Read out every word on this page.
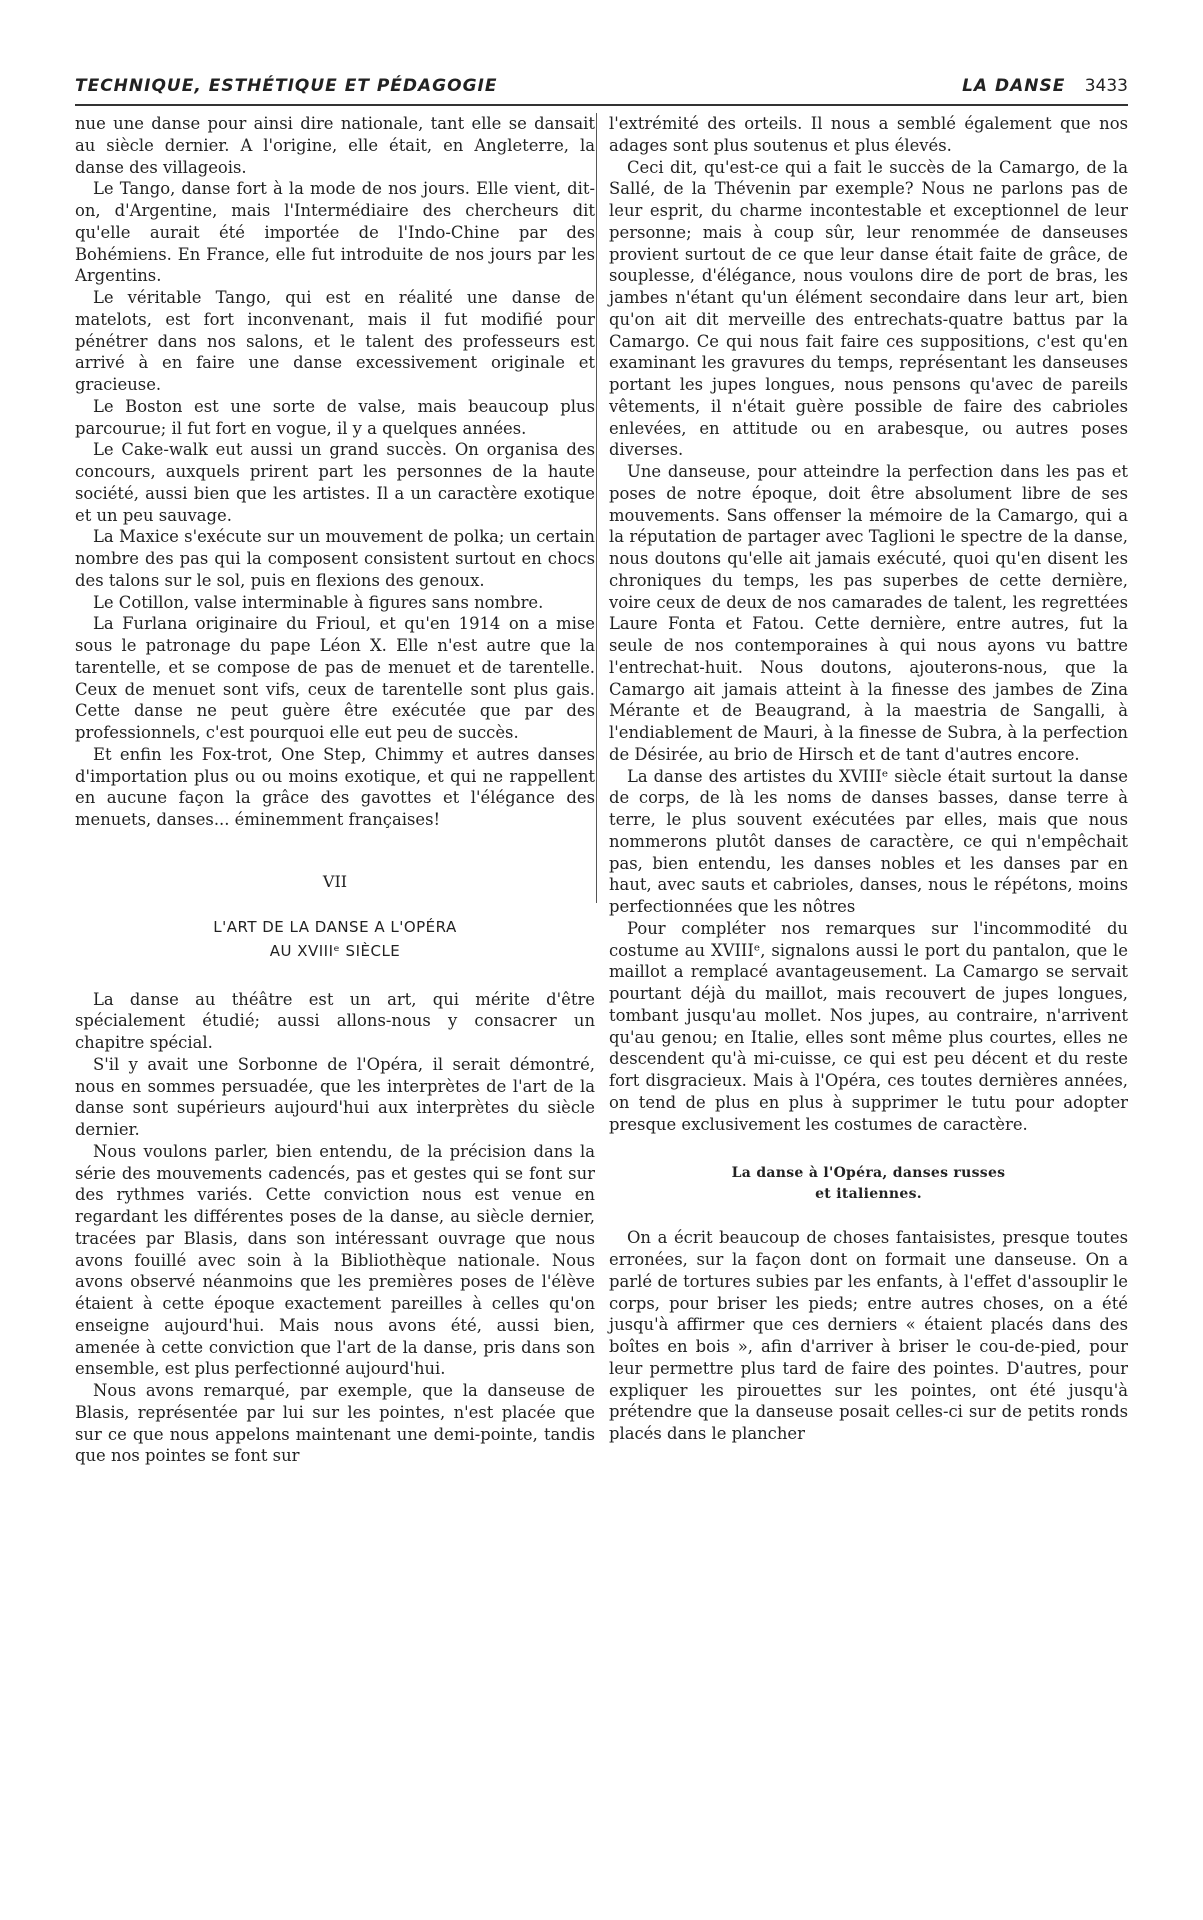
TECHNIQUE, ESTHÉTIQUE ET PÉDAGOGIE	LA DANSE 3433

nue une danse pour ainsi dire nationale, tant elle se dansait au siècle dernier. A l'origine, elle était, en Angleterre, la danse des villageois.

Le Tango, danse fort à la mode de nos jours. Elle vient, dit-on, d'Argentine, mais l'Intermédiaire des chercheurs dit qu'elle aurait été importée de l'Indo-Chine par des Bohémiens. En France, elle fut introduite de nos jours par les Argentins.

Le véritable Tango, qui est en réalité une danse de matelots, est fort inconvenant, mais il fut modifié pour pénétrer dans nos salons, et le talent des professeurs est arrivé à en faire une danse excessivement originale et gracieuse.

Le Boston est une sorte de valse, mais beaucoup plus parcourue; il fut fort en vogue, il y a quelques années.

Le Cake-walk eut aussi un grand succès. On organisa des concours, auxquels prirent part les personnes de la haute société, aussi bien que les artistes. Il a un caractère exotique et un peu sauvage.

La Maxice s'exécute sur un mouvement de polka; un certain nombre des pas qui la composent consistent surtout en chocs des talons sur le sol, puis en flexions des genoux.

Le Cotillon, valse interminable à figures sans nombre.

La Furlana originaire du Frioul, et qu'en 1914 on a mise sous le patronage du pape Léon X. Elle n'est autre que la tarentelle, et se compose de pas de menuet et de tarentelle. Ceux de menuet sont vifs, ceux de tarentelle sont plus gais. Cette danse ne peut guère être exécutée que par des professionnels, c'est pourquoi elle eut peu de succès.

Et enfin les Fox-trot, One Step, Chimmy et autres danses d'importation plus ou ou moins exotique, et qui ne rappellent en aucune façon la grâce des gavottes et l'élégance des menuets, danses... éminemment françaises!

VII
L'ART DE LA DANSE A L'OPÉRA
AU XVIIIᵉ SIÈCLE

La danse au théâtre est un art, qui mérite d'être spécialement étudié; aussi allons-nous y consacrer un chapitre spécial.

S'il y avait une Sorbonne de l'Opéra, il serait démontré, nous en sommes persuadée, que les interprètes de l'art de la danse sont supérieurs aujourd'hui aux interprètes du siècle dernier.

Nous voulons parler, bien entendu, de la précision dans la série des mouvements cadencés, pas et gestes qui se font sur des rythmes variés. Cette conviction nous est venue en regardant les différentes poses de la danse, au siècle dernier, tracées par Blasis, dans son intéressant ouvrage que nous avons fouillé avec soin à la Bibliothèque nationale. Nous avons observé néanmoins que les premières poses de l'élève étaient à cette époque exactement pareilles à celles qu'on enseigne aujourd'hui. Mais nous avons été, aussi bien, amenée à cette conviction que l'art de la danse, pris dans son ensemble, est plus perfectionné aujourd'hui.

Nous avons remarqué, par exemple, que la danseuse de Blasis, représentée par lui sur les pointes, n'est placée que sur ce que nous appelons maintenant une demi-pointe, tandis que nos pointes se font sur

l'extrémité des orteils. Il nous a semblé également que nos adages sont plus soutenus et plus élevés.

Ceci dit, qu'est-ce qui a fait le succès de la Camargo, de la Sallé, de la Thévenin par exemple? Nous ne parlons pas de leur esprit, du charme incontestable et exceptionnel de leur personne; mais à coup sûr, leur renommée de danseuses provient surtout de ce que leur danse était faite de grâce, de souplesse, d'élégance, nous voulons dire de port de bras, les jambes n'étant qu'un élément secondaire dans leur art, bien qu'on ait dit merveille des entrechats-quatre battus par la Camargo. Ce qui nous fait faire ces suppositions, c'est qu'en examinant les gravures du temps, représentant les danseuses portant les jupes longues, nous pensons qu'avec de pareils vêtements, il n'était guère possible de faire des cabrioles enlevées, en attitude ou en arabesque, ou autres poses diverses.

Une danseuse, pour atteindre la perfection dans les pas et poses de notre époque, doit être absolument libre de ses mouvements. Sans offenser la mémoire de la Camargo, qui a la réputation de partager avec Taglioni le spectre de la danse, nous doutons qu'elle ait jamais exécuté, quoi qu'en disent les chroniques du temps, les pas superbes de cette dernière, voire ceux de deux de nos camarades de talent, les regrettées Laure Fonta et Fatou. Cette dernière, entre autres, fut la seule de nos contemporaines à qui nous ayons vu battre l'entrechat-huit. Nous doutons, ajouterons-nous, que la Camargo ait jamais atteint à la finesse des jambes de Zina Mérante et de Beaugrand, à la maestria de Sangalli, à l'endiablement de Mauri, à la finesse de Subra, à la perfection de Désirée, au brio de Hirsch et de tant d'autres encore.

La danse des artistes du XVIIIᵉ siècle était surtout la danse de corps, de là les noms de danses basses, danse terre à terre, le plus souvent exécutées par elles, mais que nous nommerons plutôt danses de caractère, ce qui n'empêchait pas, bien entendu, les danses nobles et les danses par en haut, avec sauts et cabrioles, danses, nous le répétons, moins perfectionnées que les nôtres

Pour compléter nos remarques sur l'incommodité du costume au XVIIIᵉ, signalons aussi le port du pantalon, que le maillot a remplacé avantageusement. La Camargo se servait pourtant déjà du maillot, mais recouvert de jupes longues, tombant jusqu'au mollet. Nos jupes, au contraire, n'arrivent qu'au genou; en Italie, elles sont même plus courtes, elles ne descendent qu'à mi-cuisse, ce qui est peu décent et du reste fort disgracieux. Mais à l'Opéra, ces toutes dernières années, on tend de plus en plus à supprimer le tutu pour adopter presque exclusivement les costumes de caractère.

La danse à l'Opéra, danses russes
et italiennes.

On a écrit beaucoup de choses fantaisistes, presque toutes erronées, sur la façon dont on formait une danseuse. On a parlé de tortures subies par les enfants, à l'effet d'assouplir le corps, pour briser les pieds; entre autres choses, on a été jusqu'à affirmer que ces derniers « étaient placés dans des boîtes en bois », afin d'arriver à briser le cou-de-pied, pour leur permettre plus tard de faire des pointes. D'autres, pour expliquer les pirouettes sur les pointes, ont été jusqu'à prétendre que la danseuse posait celles-ci sur de petits ronds placés dans le plancher
